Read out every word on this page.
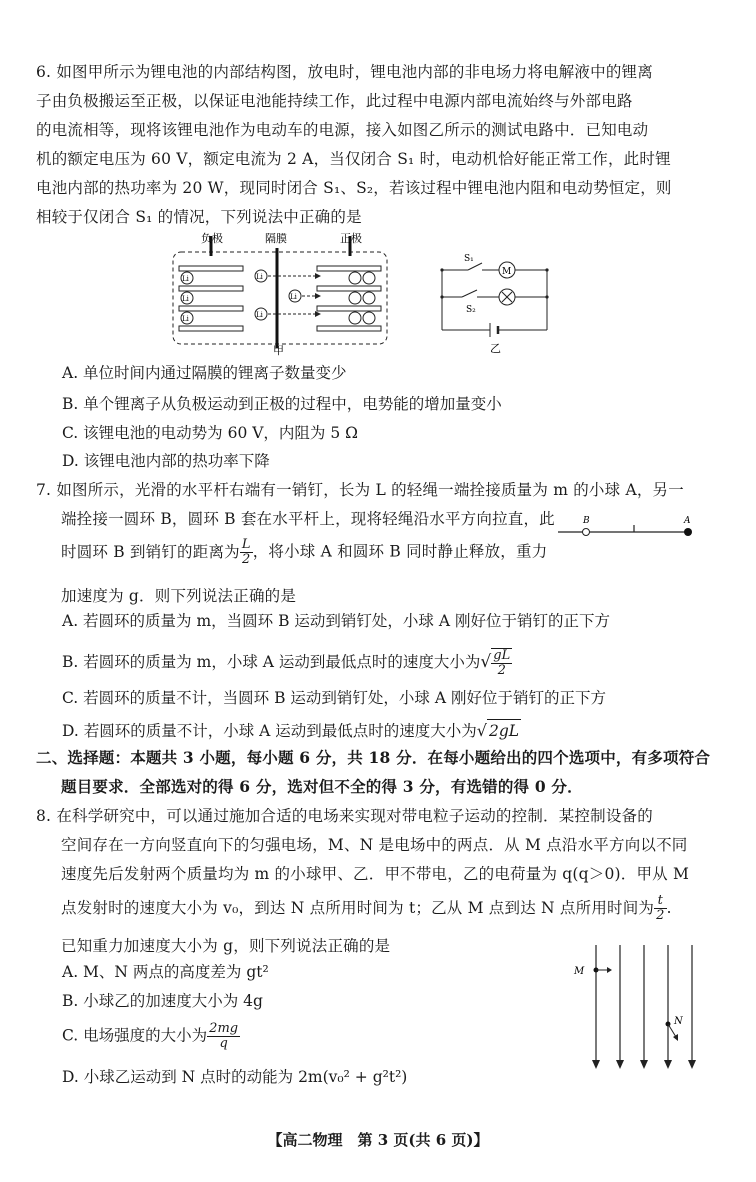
6. 如图甲所示为锂电池的内部结构图，放电时，锂电池内部的非电场力将电解液中的锂离
子由负极搬运至正极，以保证电池能持续工作，此过程中电源内部电流始终与外部电路
的电流相等，现将该锂电池作为电动车的电源，接入如图乙所示的测试电路中．已知电动
机的额定电压为 60 V，额定电流为 2 A，当仅闭合 S₁ 时，电动机恰好能正常工作，此时锂
电池内部的热功率为 20 W，现同时闭合 S₁、S₂，若该过程中锂电池内阻和电动势恒定，则
相较于仅闭合 S₁ 的情况，下列说法中正确的是
负极	隔膜	正极
Li
Li
Li
Li
Li
Li
甲
M
S₁
S₂
乙
A. 单位时间内通过隔膜的锂离子数量变少
B. 单个锂离子从负极运动到正极的过程中，电势能的增加量变小
C. 该锂电池的电动势为 60 V，内阻为 5 Ω
D. 该锂电池内部的热功率下降
7. 如图所示，光滑的水平杆右端有一销钉，长为 L 的轻绳一端拴接质量为 m 的小球 A，另一
端拴接一圆环 B，圆环 B 套在水平杆上，现将轻绳沿水平方向拉直，此
时圆环 B 到销钉的距离为 $\frac{L}{2}$ ，将小球 A 和圆环 B 同时静止释放，重力
加速度为 g．则下列说法正确的是
B	A
A. 若圆环的质量为 m，当圆环 B 运动到销钉处，小球 A 刚好位于销钉的正下方
B. 若圆环的质量为 m，小球 A 运动到最低点时的速度大小为√ $\frac{gL}{2}$
C. 若圆环的质量不计，当圆环 B 运动到销钉处，小球 A 刚好位于销钉的正下方
D. 若圆环的质量不计，小球 A 运动到最低点时的速度大小为√ 2gL
二、选择题：本题共 3 小题，每小题 6 分，共 18 分．在每小题给出的四个选项中，有多项符合
题目要求．全部选对的得 6 分，选对但不全的得 3 分，有选错的得 0 分．
8. 在科学研究中，可以通过施加合适的电场来实现对带电粒子运动的控制．某控制设备的
空间存在一方向竖直向下的匀强电场，M、N 是电场中的两点．从 M 点沿水平方向以不同
速度先后发射两个质量均为 m 的小球甲、乙．甲不带电，乙的电荷量为 q(q＞0)．甲从 M
点发射时的速度大小为 v₀，到达 N 点所用时间为 t；乙从 M 点到达 N 点所用时间为 $\frac{t}{2}$ ．
已知重力加速度大小为 g，则下列说法正确的是
A. M、N 两点的高度差为 gt²
B. 小球乙的加速度大小为 4g
C. 电场强度的大小为 $\frac{2mg}{q}$
D. 小球乙运动到 N 点时的动能为 2m(v₀² + g²t²)
M
N
【高二物理　第 3 页(共 6 页)】
